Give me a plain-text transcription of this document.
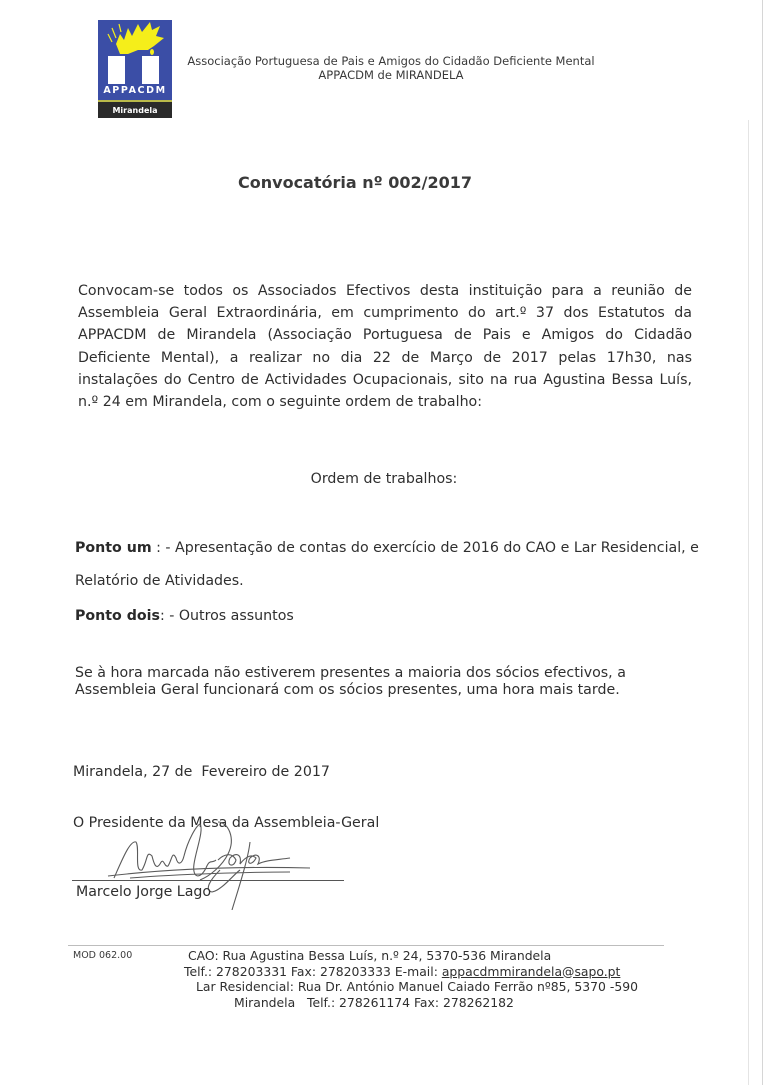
APPACDM
Mirandela
Associação Portuguesa de Pais e Amigos do Cidadão Deficiente Mental
APPACDM de MIRANDELA
Convocatória nº 002/2017

Convocam-se todos os Associados Efectivos desta instituição para a reunião de Assembleia Geral Extraordinária, em cumprimento do art.º 37 dos Estatutos da APPACDM de Mirandela (Associação Portuguesa de Pais e Amigos do Cidadão Deficiente Mental), a realizar no dia 22 de Março de 2017 pelas 17h30, nas instalações do Centro de Actividades Ocupacionais, sito na rua Agustina Bessa Luís, n.º 24 em Mirandela, com o seguinte ordem de trabalho:

Ordem de trabalhos:
Ponto um : - Apresentação de contas do exercício de 2016 do CAO e Lar Residencial, e
Relatório de Atividades.
Ponto dois: - Outros assuntos

Se à hora marcada não estiverem presentes a maioria dos sócios efectivos, a Assembleia Geral funcionará com os sócios presentes, uma hora mais tarde.

Mirandela, 27 de  Fevereiro de 2017
O Presidente da Mesa da Assembleia-Geral
Marcelo Jorge Lago
MOD 062.00	CAO: Rua Agustina Bessa Luís, n.º 24, 5370-536 Mirandela
Telf.: 278203331 Fax: 278203333 E-mail: appacdmmirandela@sapo.pt
Lar Residencial: Rua Dr. António Manuel Caiado Ferrão nº85, 5370 -590
Mirandela   Telf.: 278261174 Fax: 278262182
